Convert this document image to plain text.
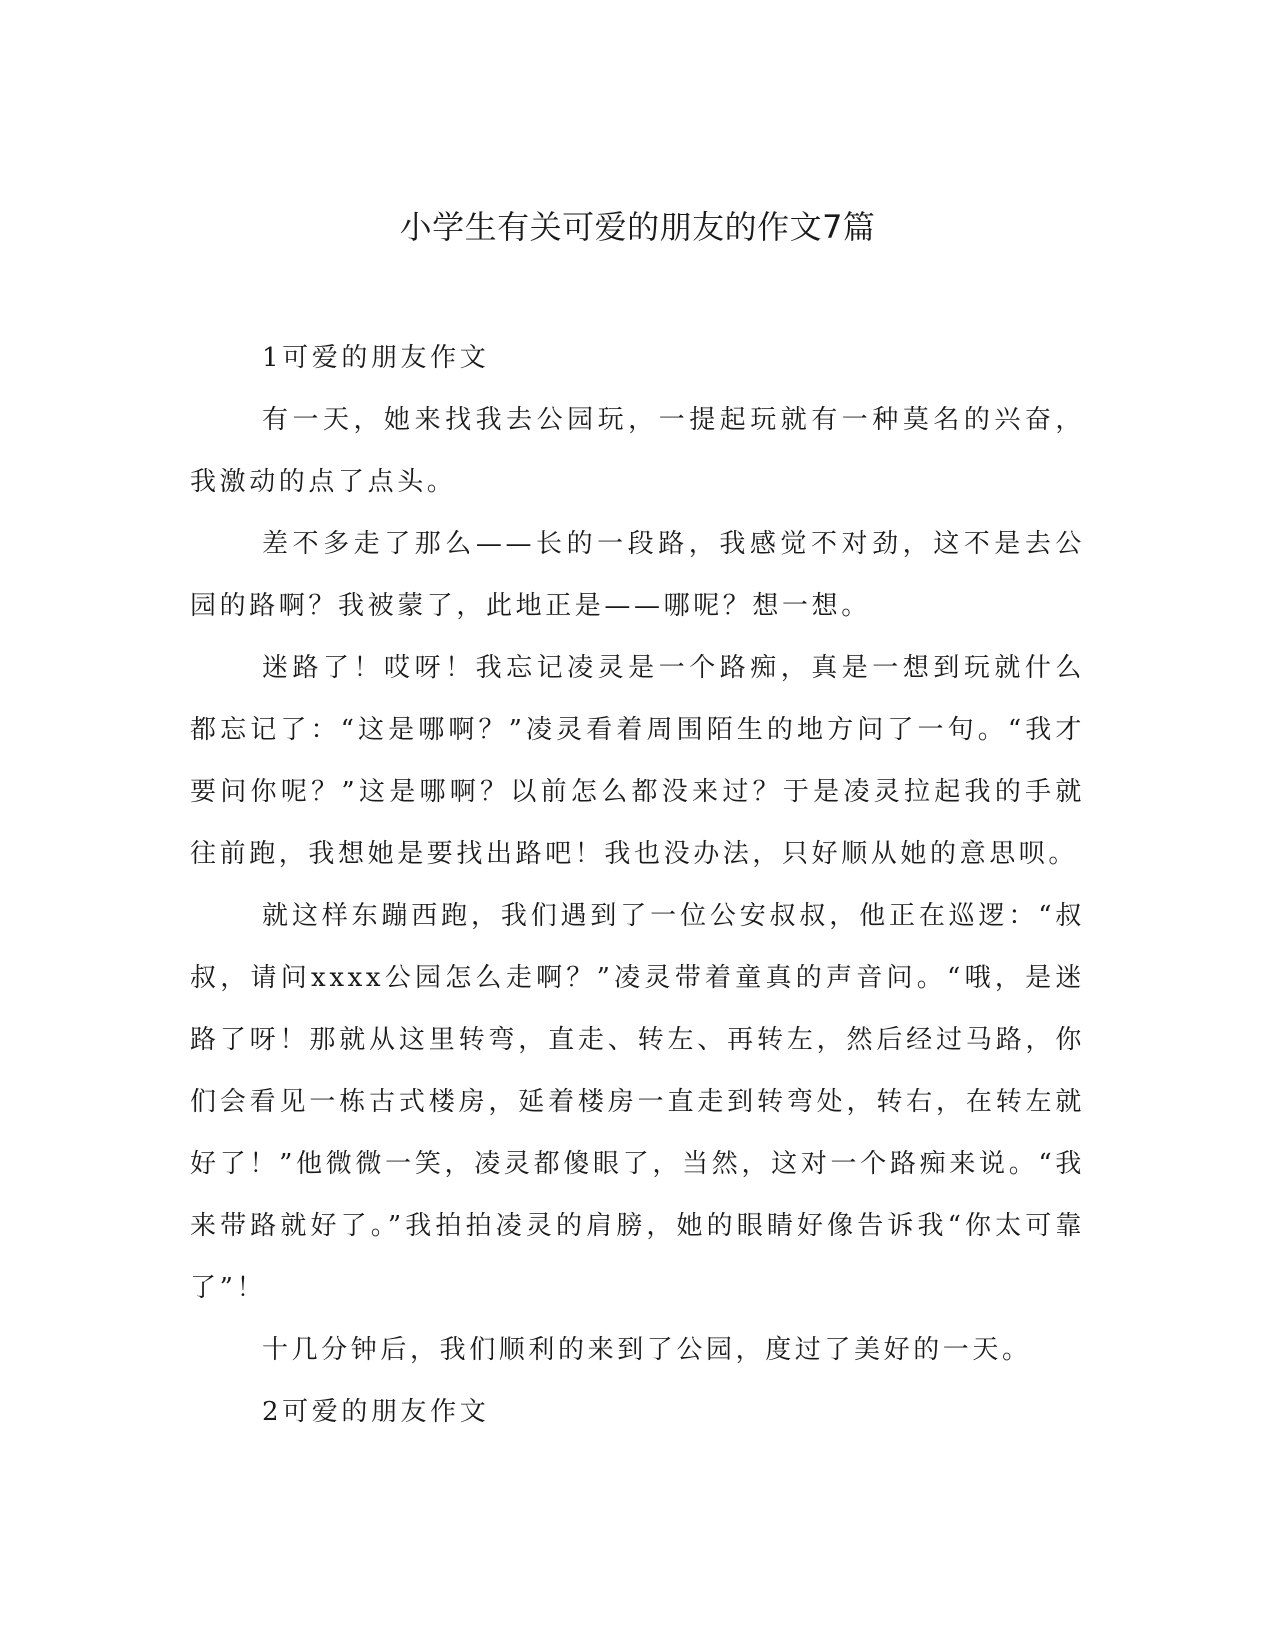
小学生有关可爱的朋友的作文7篇

1可爱的朋友作文

有一天，她来找我去公园玩，一提起玩就有一种莫名的兴奋，我激动的点了点头。

差不多走了那么——长的一段路，我感觉不对劲，这不是去公园的路啊？我被蒙了，此地正是——哪呢？想一想。

迷路了！哎呀！我忘记凌灵是一个路痴，真是一想到玩就什么都忘记了：“这是哪啊？”凌灵看着周围陌生的地方问了一句。“我才要问你呢？”这是哪啊？以前怎么都没来过？于是凌灵拉起我的手就往前跑，我想她是要找出路吧！我也没办法，只好顺从她的意思呗。

就这样东蹦西跑，我们遇到了一位公安叔叔，他正在巡逻：“叔叔，请问xxxx公园怎么走啊？”凌灵带着童真的声音问。“哦，是迷路了呀！那就从这里转弯，直走、转左、再转左，然后经过马路，你们会看见一栋古式楼房，延着楼房一直走到转弯处，转右，在转左就好了！”他微微一笑，凌灵都傻眼了，当然，这对一个路痴来说。“我来带路就好了。”我拍拍凌灵的肩膀，她的眼睛好像告诉我“你太可靠了”！

十几分钟后，我们顺利的来到了公园，度过了美好的一天。

2可爱的朋友作文
